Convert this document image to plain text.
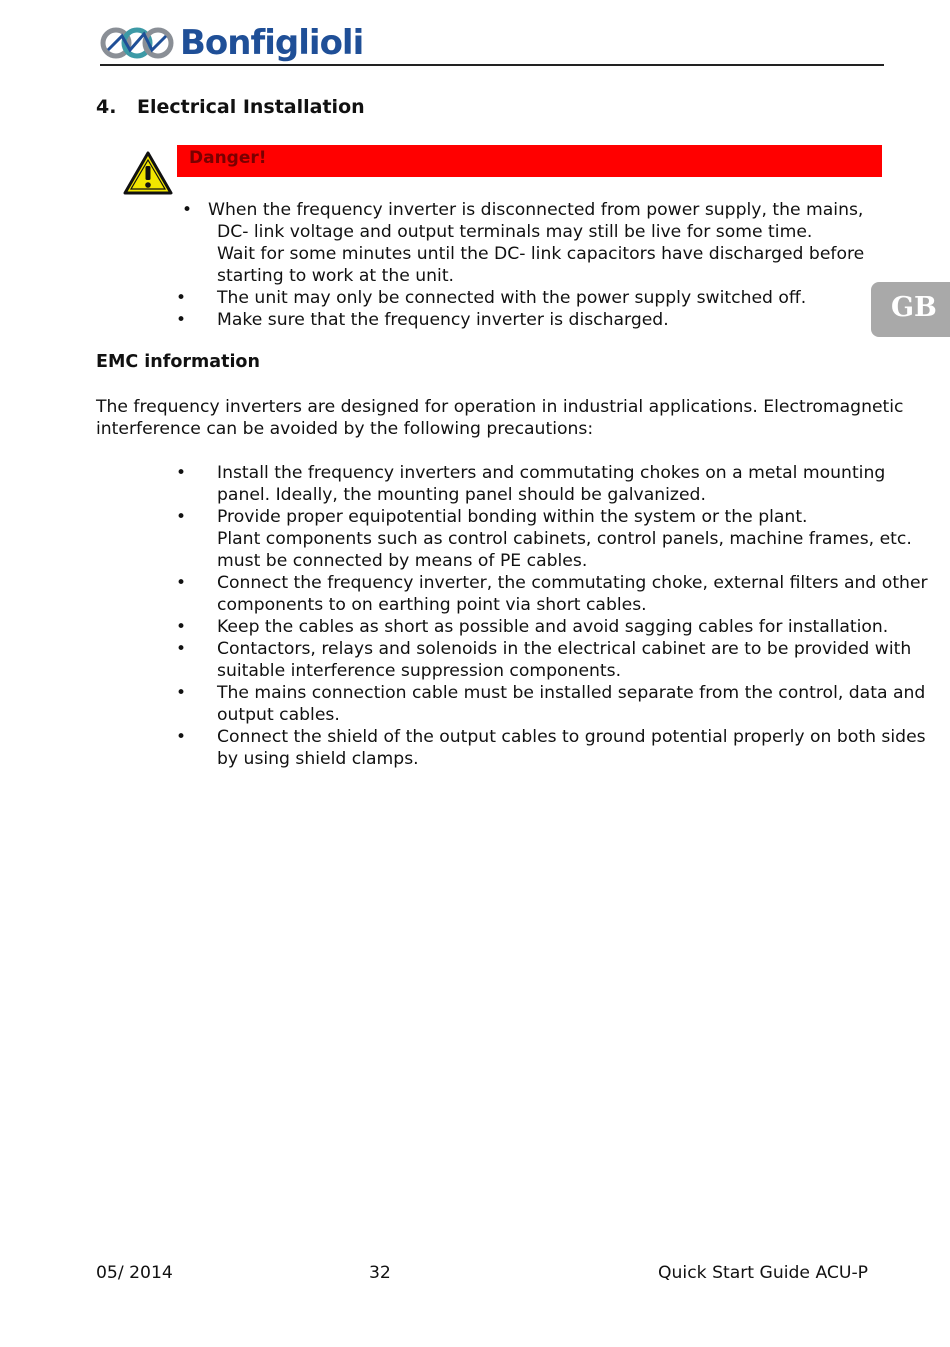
Bonfiglioli
4. Electrical Installation
Danger!
• When the frequency inverter is disconnected from power supply, the mains,
DC- link voltage and output terminals may still be live for some time.
Wait for some minutes until the DC- link capacitors have discharged before
starting to work at the unit.
• The unit may only be connected with the power supply switched off.
• Make sure that the frequency inverter is discharged.	GB
EMC information
The frequency inverters are designed for operation in industrial applications. Electromagnetic
interference can be avoided by the following precautions:
• Install the frequency inverters and commutating chokes on a metal mounting
panel. Ideally, the mounting panel should be galvanized.
• Provide proper equipotential bonding within the system or the plant.
Plant components such as control cabinets, control panels, machine frames, etc.
must be connected by means of PE cables.
• Connect the frequency inverter, the commutating choke, external filters and other
components to on earthing point via short cables.
• Keep the cables as short as possible and avoid sagging cables for installation.
• Contactors, relays and solenoids in the electrical cabinet are to be provided with
suitable interference suppression components.
• The mains connection cable must be installed separate from the control, data and
output cables.
• Connect the shield of the output cables to ground potential properly on both sides
by using shield clamps.
05/ 2014	32	Quick Start Guide ACU-P
